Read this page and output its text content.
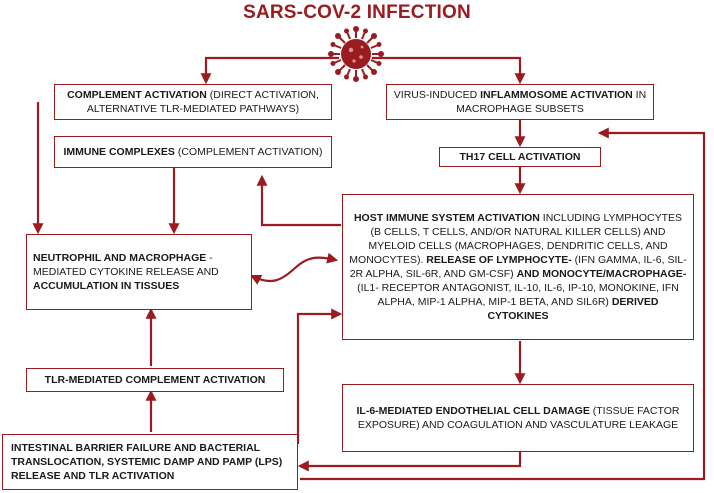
SARS-COV-2 INFECTION
COMPLEMENT ACTIVATION (DIRECT ACTIVATION, ALTERNATIVE TLR-MEDIATED PATHWAYS)
VIRUS-INDUCED INFLAMMOSOME ACTIVATION IN MACROPHAGE SUBSETS
IMMUNE COMPLEXES (COMPLEMENT ACTIVATION)	TH17 CELL ACTIVATION
NEUTROPHIL AND MACROPHAGE -MEDIATED CYTOKINE RELEASE AND ACCUMULATION IN TISSUES
HOST IMMUNE SYSTEM ACTIVATION INCLUDING LYMPHOCYTES (B CELLS, T CELLS, AND/OR NATURAL KILLER CELLS) AND MYELOID CELLS (MACROPHAGES, DENDRITIC CELLS, AND MONOCYTES). RELEASE OF LYMPHOCYTE- (IFN GAMMA, IL-6, SIL-2R ALPHA, SIL-6R, AND GM-CSF) AND MONOCYTE/MACROPHAGE- (IL1- RECEPTOR ANTAGONIST, IL-10, IL-6, IP-10, MONOKINE, IFN ALPHA, MIP-1 ALPHA, MIP-1 BETA, AND SIL6R) DERIVED CYTOKINES
TLR-MEDIATED COMPLEMENT ACTIVATION
IL-6-MEDIATED ENDOTHELIAL CELL DAMAGE (TISSUE FACTOR EXPOSURE) AND COAGULATION AND VASCULATURE LEAKAGE
INTESTINAL BARRIER FAILURE AND BACTERIAL TRANSLOCATION, SYSTEMIC DAMP AND PAMP (LPS) RELEASE AND TLR ACTIVATION
